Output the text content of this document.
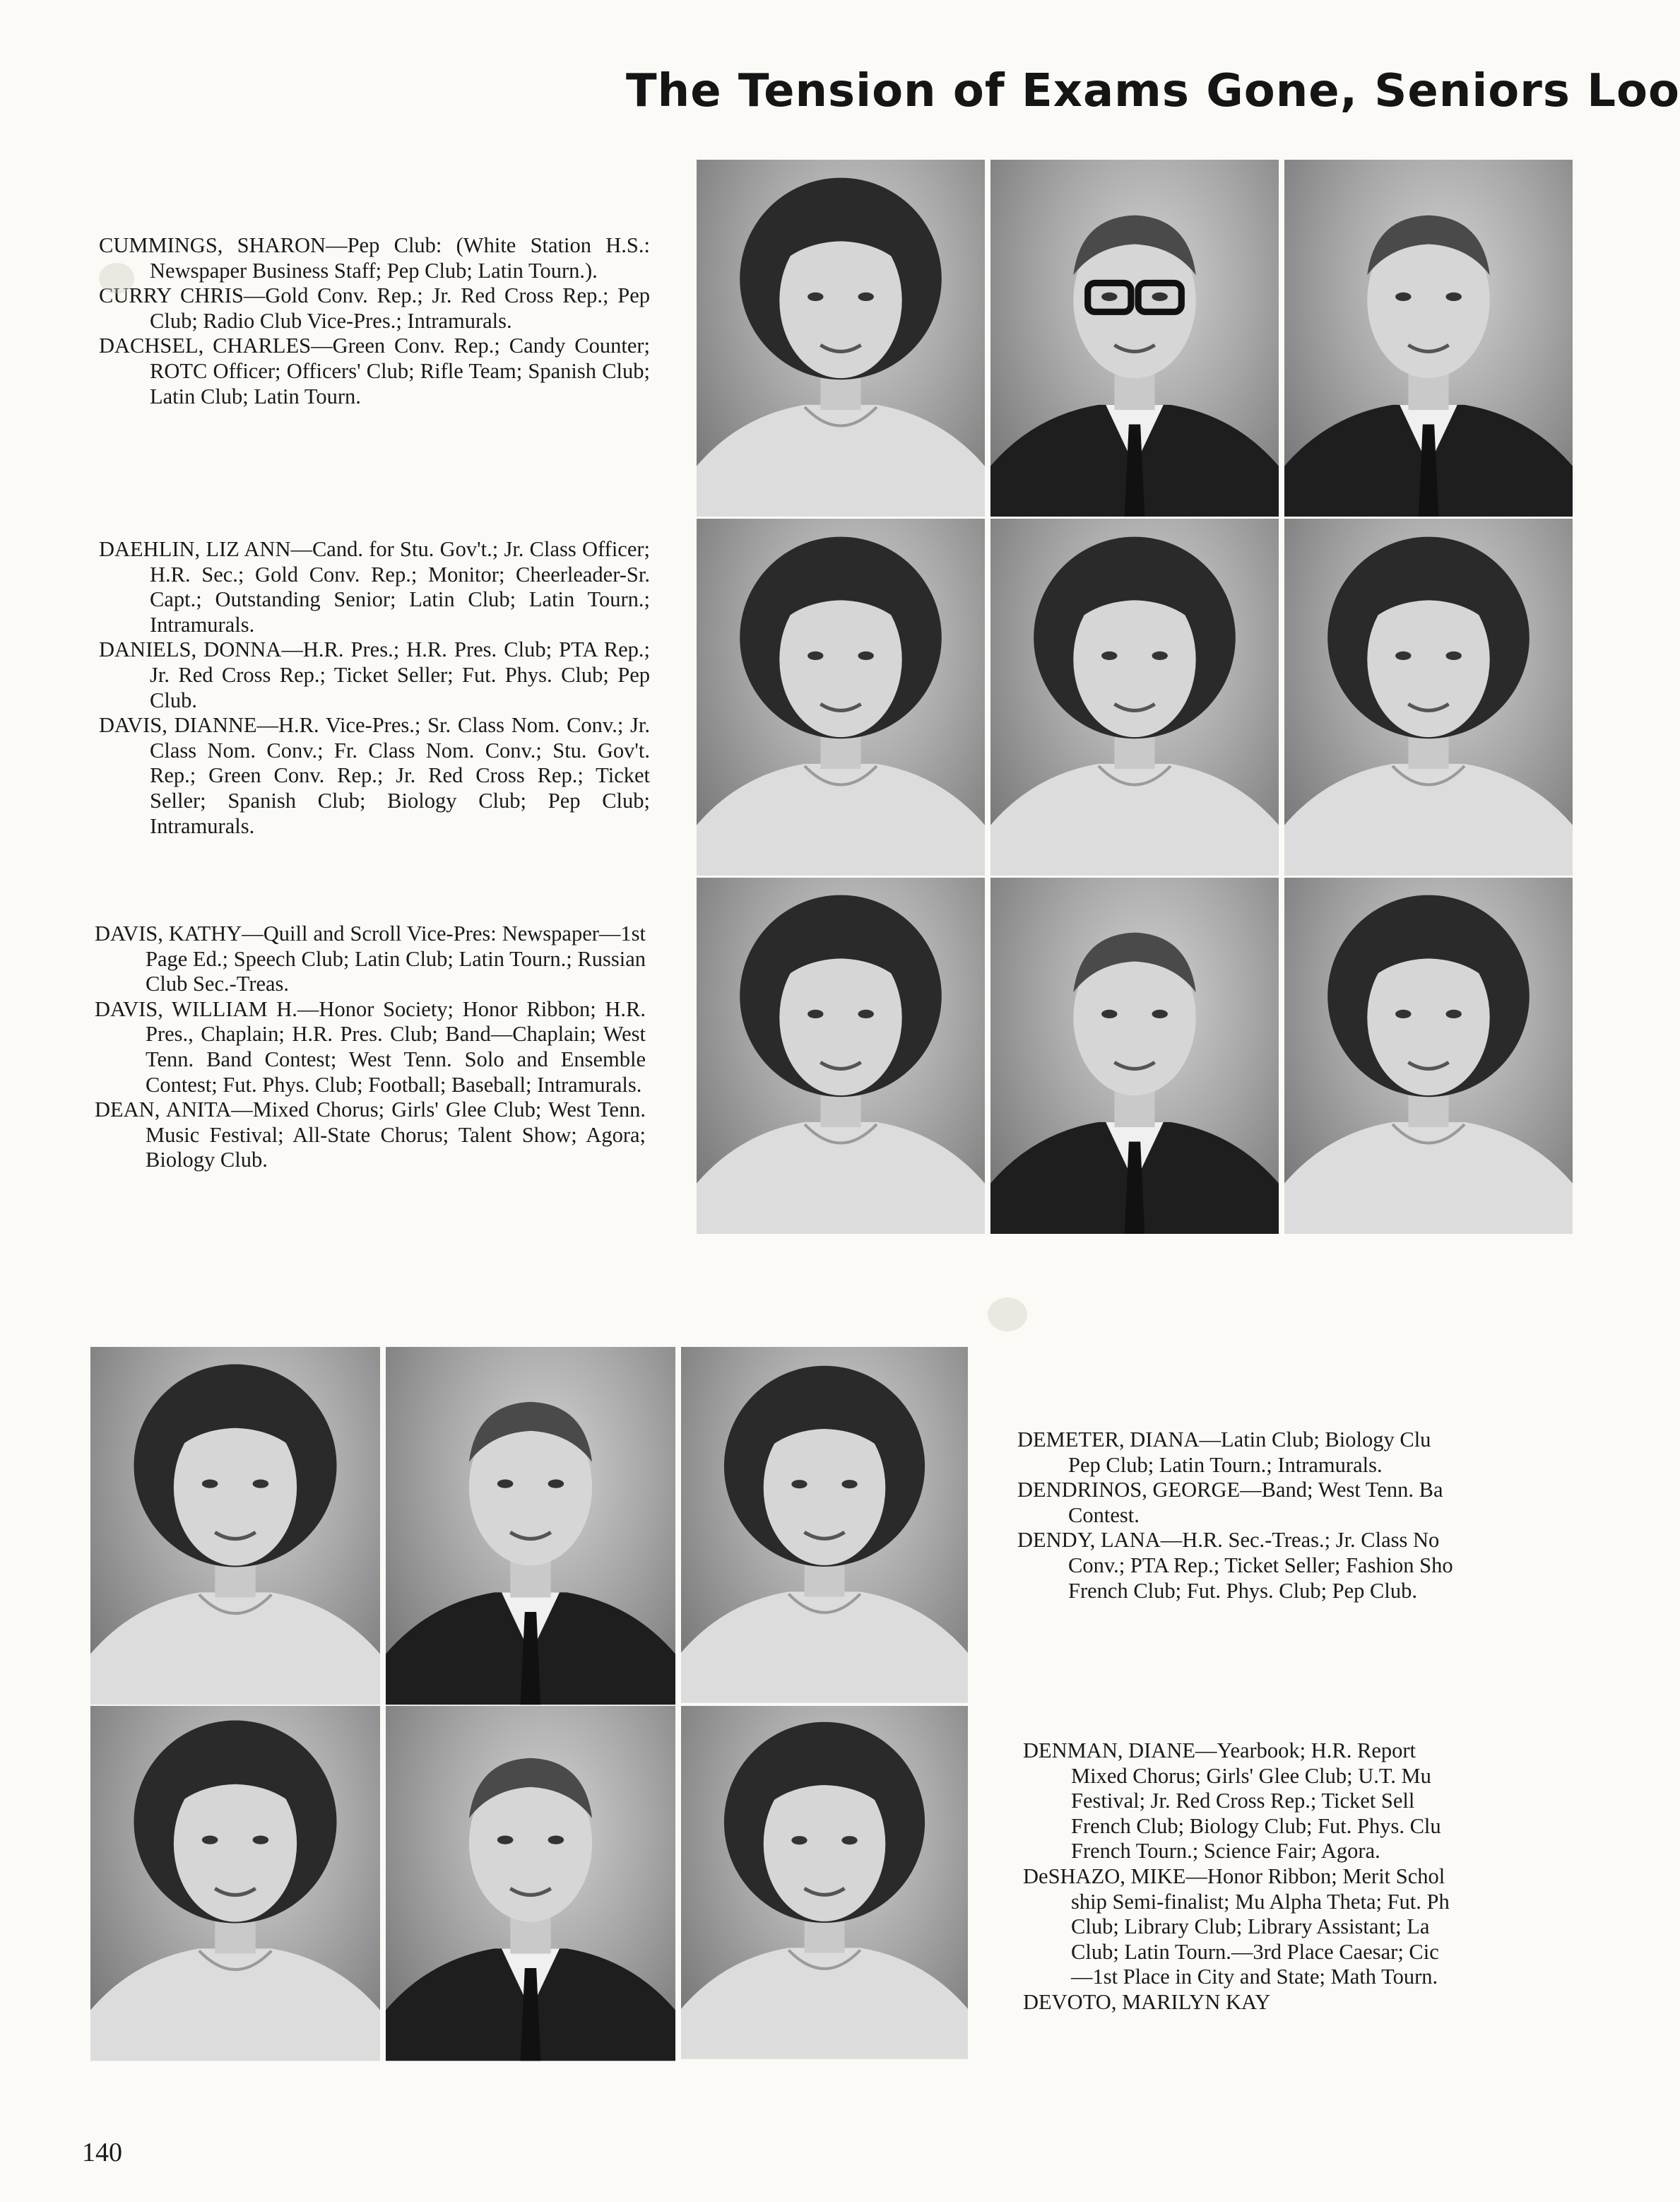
The Tension of Exams Gone, Seniors Loo

CUMMINGS, SHARON—Pep Club: (White Station H.S.: Newspaper Business Staff; Pep Club; Latin Tourn.).

CURRY CHRIS—Gold Conv. Rep.; Jr. Red Cross Rep.; Pep Club; Radio Club Vice-Pres.; Intramurals.

DACHSEL, CHARLES—Green Conv. Rep.; Candy Counter; ROTC Officer; Officers' Club; Rifle Team; Spanish Club; Latin Club; Latin Tourn.

DAEHLIN, LIZ ANN—Cand. for Stu. Gov't.; Jr. Class Officer; H.R. Sec.; Gold Conv. Rep.; Monitor; Cheerleader-Sr. Capt.; Outstanding Senior; Latin Club; Latin Tourn.; Intramurals.

DANIELS, DONNA—H.R. Pres.; H.R. Pres. Club; PTA Rep.; Jr. Red Cross Rep.; Ticket Seller; Fut. Phys. Club; Pep Club.

DAVIS, DIANNE—H.R. Vice-Pres.; Sr. Class Nom. Conv.; Jr. Class Nom. Conv.; Fr. Class Nom. Conv.; Stu. Gov't. Rep.; Green Conv. Rep.; Jr. Red Cross Rep.; Ticket Seller; Spanish Club; Biology Club; Pep Club; Intramurals.

DAVIS, KATHY—Quill and Scroll Vice-Pres: Newspaper—1st Page Ed.; Speech Club; Latin Club; Latin Tourn.; Russian Club Sec.-Treas.

DAVIS, WILLIAM H.—Honor Society; Honor Ribbon; H.R. Pres., Chaplain; H.R. Pres. Club; Band—Chaplain; West Tenn. Band Contest; West Tenn. Solo and Ensemble Contest; Fut. Phys. Club; Football; Baseball; Intramurals.

DEAN, ANITA—Mixed Chorus; Girls' Glee Club; West Tenn. Music Festival; All-State Chorus; Talent Show; Agora; Biology Club.

DEMETER, DIANA—Latin Club; Biology Clu
Pep Club; Latin Tourn.; Intramurals.
DENDRINOS, GEORGE—Band; West Tenn. Ba
Contest.
DENDY, LANA—H.R. Sec.-Treas.; Jr. Class No
Conv.; PTA Rep.; Ticket Seller; Fashion Sho
French Club; Fut. Phys. Club; Pep Club.
DENMAN, DIANE—Yearbook; H.R. Report
Mixed Chorus; Girls' Glee Club; U.T. Mu
Festival; Jr. Red Cross Rep.; Ticket Sell
French Club; Biology Club; Fut. Phys. Clu
French Tourn.; Science Fair; Agora.
DeSHAZO, MIKE—Honor Ribbon; Merit Schol
ship Semi-finalist; Mu Alpha Theta; Fut. Ph
Club; Library Club; Library Assistant; La
Club; Latin Tourn.—3rd Place Caesar; Cic
—1st Place in City and State; Math Tourn.
DEVOTO, MARILYN KAY
140
